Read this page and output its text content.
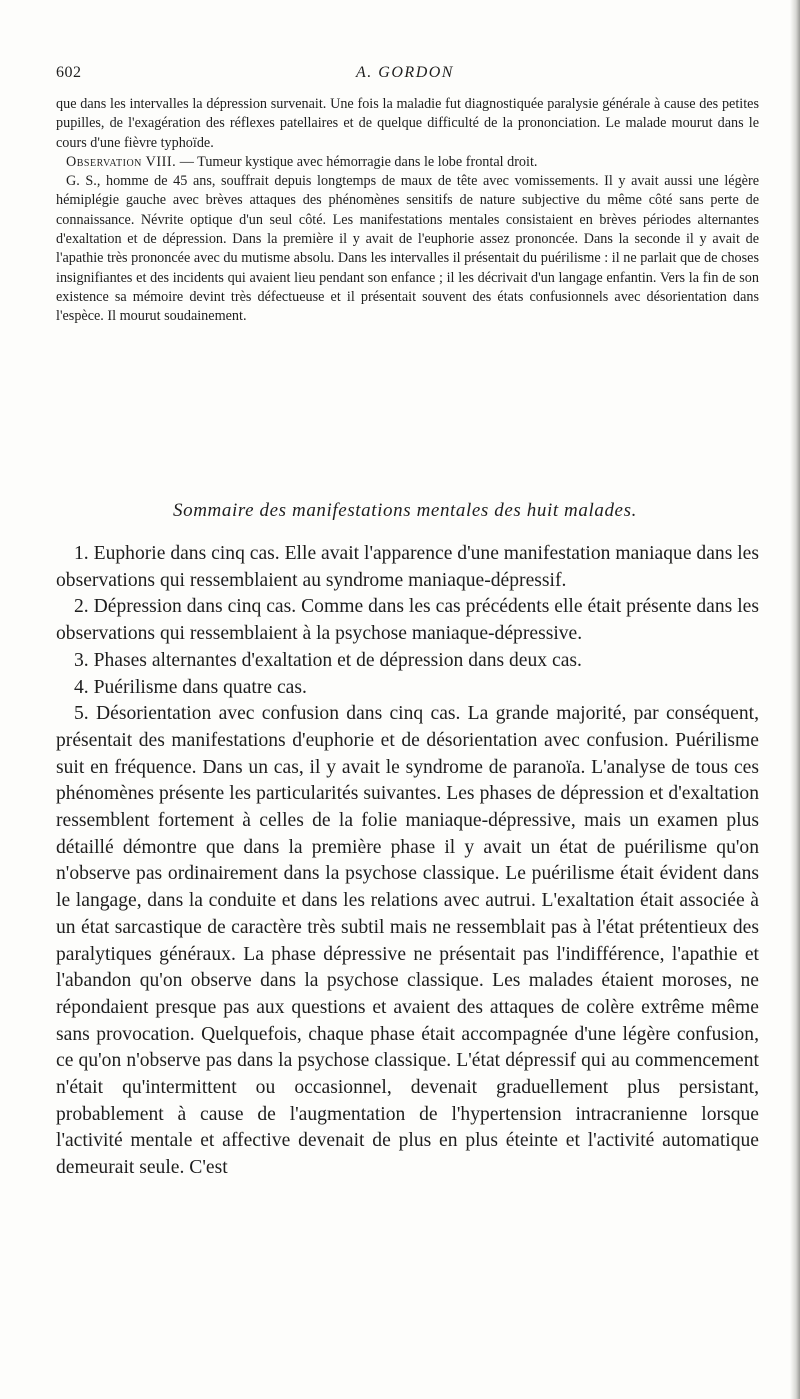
602	A. GORDON

que dans les intervalles la dépression survenait. Une fois la maladie fut diagnostiquée paralysie générale à cause des petites pupilles, de l'exagération des réflexes patellaires et de quelque difficulté de la prononciation. Le malade mourut dans le cours d'une fièvre typhoïde.

Observation VIII. — Tumeur kystique avec hémorragie dans le lobe frontal droit.

G. S., homme de 45 ans, souffrait depuis longtemps de maux de tête avec vomissements. Il y avait aussi une légère hémiplégie gauche avec brèves attaques des phénomènes sensitifs de nature subjective du même côté sans perte de connaissance. Névrite optique d'un seul côté. Les manifestations mentales consistaient en brèves périodes alternantes d'exaltation et de dépression. Dans la première il y avait de l'euphorie assez prononcée. Dans la seconde il y avait de l'apathie très prononcée avec du mutisme absolu. Dans les intervalles il présentait du puérilisme : il ne parlait que de choses insignifiantes et des incidents qui avaient lieu pendant son enfance ; il les décrivait d'un langage enfantin. Vers la fin de son existence sa mémoire devint très défectueuse et il présentait souvent des états confusionnels avec désorientation dans l'espèce. Il mourut soudainement.

Sommaire des manifestations mentales des huit malades.

1. Euphorie dans cinq cas. Elle avait l'apparence d'une manifestation maniaque dans les observations qui ressemblaient au syndrome maniaque-dépressif.

2. Dépression dans cinq cas. Comme dans les cas précédents elle était présente dans les observations qui ressemblaient à la psychose maniaque-dépressive.

3. Phases alternantes d'exaltation et de dépression dans deux cas.

4. Puérilisme dans quatre cas.

5. Désorientation avec confusion dans cinq cas. La grande majorité, par conséquent, présentait des manifestations d'euphorie et de désorientation avec confusion. Puérilisme suit en fréquence. Dans un cas, il y avait le syndrome de paranoïa. L'analyse de tous ces phénomènes présente les particularités suivantes. Les phases de dépression et d'exaltation ressemblent fortement à celles de la folie maniaque-dépressive, mais un examen plus détaillé démontre que dans la première phase il y avait un état de puérilisme qu'on n'observe pas ordinairement dans la psychose classique. Le puérilisme était évident dans le langage, dans la conduite et dans les relations avec autrui. L'exaltation était associée à un état sarcastique de caractère très subtil mais ne ressemblait pas à l'état prétentieux des paralytiques généraux. La phase dépressive ne présentait pas l'indifférence, l'apathie et l'abandon qu'on observe dans la psychose classique. Les malades étaient moroses, ne répondaient presque pas aux questions et avaient des attaques de colère extrême même sans provocation. Quelquefois, chaque phase était accompagnée d'une légère confusion, ce qu'on n'observe pas dans la psychose classique. L'état dépressif qui au commencement n'était qu'intermittent ou occasionnel, devenait graduellement plus persistant, probablement à cause de l'augmentation de l'hypertension intracranienne lorsque l'activité mentale et affective devenait de plus en plus éteinte et l'activité automatique demeurait seule. C'est
